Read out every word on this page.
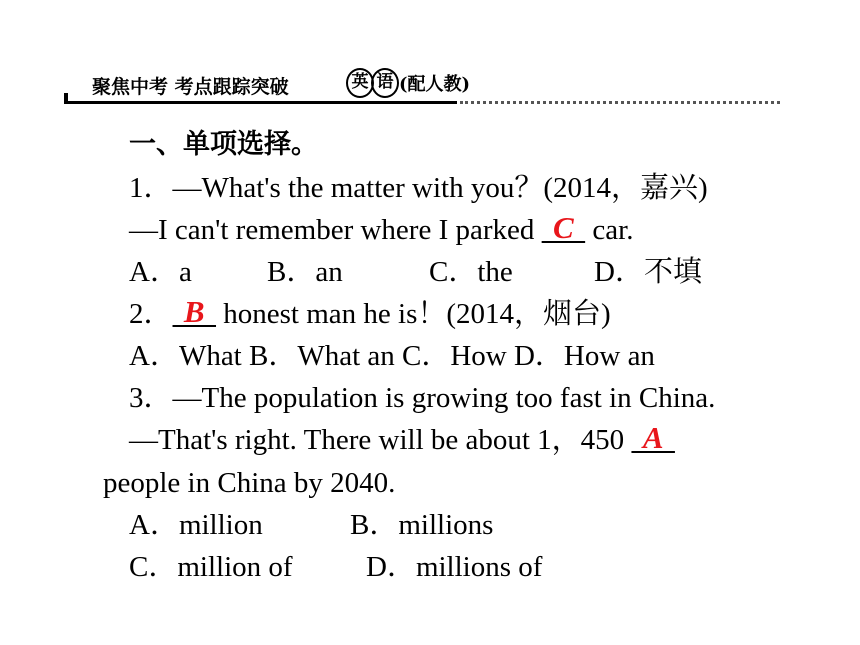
聚焦中考 考点跟踪突破	英 语 (配人教)
一、单项选择。
1．—What's the matter with you？(2014，嘉兴)
—I can't remember where I parked C car.
A．a	B．an	C．the	D．不填
2． B honest man he is！(2014，烟台)
A．What B．What an C．How D．How an
3．—The population is growing too fast in China.
—That's right. There will be about 1，450 A
people in China by 2040.
A．million	B．millions
C．million of	D．millions of
